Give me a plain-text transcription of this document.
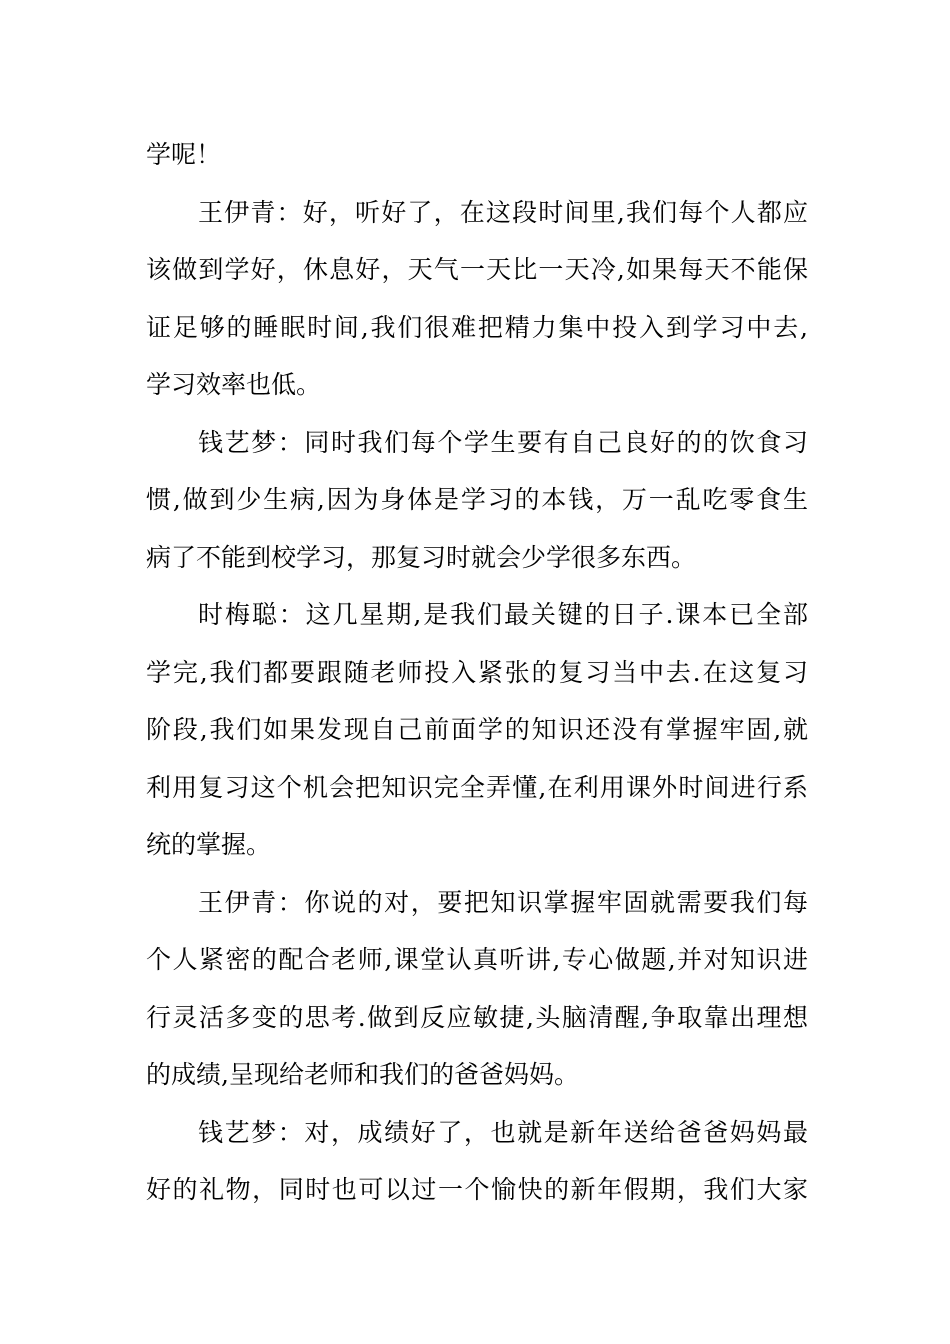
学呢！

王伊青：好，听好了，在这段时间里,我们每个人都应
该做到学好，休息好，天气一天比一天冷,如果每天不能保
证足够的睡眠时间,我们很难把精力集中投入到学习中去,
学习效率也低。

钱艺梦：同时我们每个学生要有自己良好的的饮食习
惯,做到少生病,因为身体是学习的本钱，万一乱吃零食生
病了不能到校学习，那复习时就会少学很多东西。

时梅聪：这几星期,是我们最关键的日子.课本已全部
学完,我们都要跟随老师投入紧张的复习当中去.在这复习
阶段,我们如果发现自己前面学的知识还没有掌握牢固,就
利用复习这个机会把知识完全弄懂,在利用课外时间进行系
统的掌握。

王伊青：你说的对，要把知识掌握牢固就需要我们每
个人紧密的配合老师,课堂认真听讲,专心做题,并对知识进
行灵活多变的思考.做到反应敏捷,头脑清醒,争取靠出理想
的成绩,呈现给老师和我们的爸爸妈妈。

钱艺梦：对，成绩好了，也就是新年送给爸爸妈妈最
好的礼物，同时也可以过一个愉快的新年假期，我们大家
